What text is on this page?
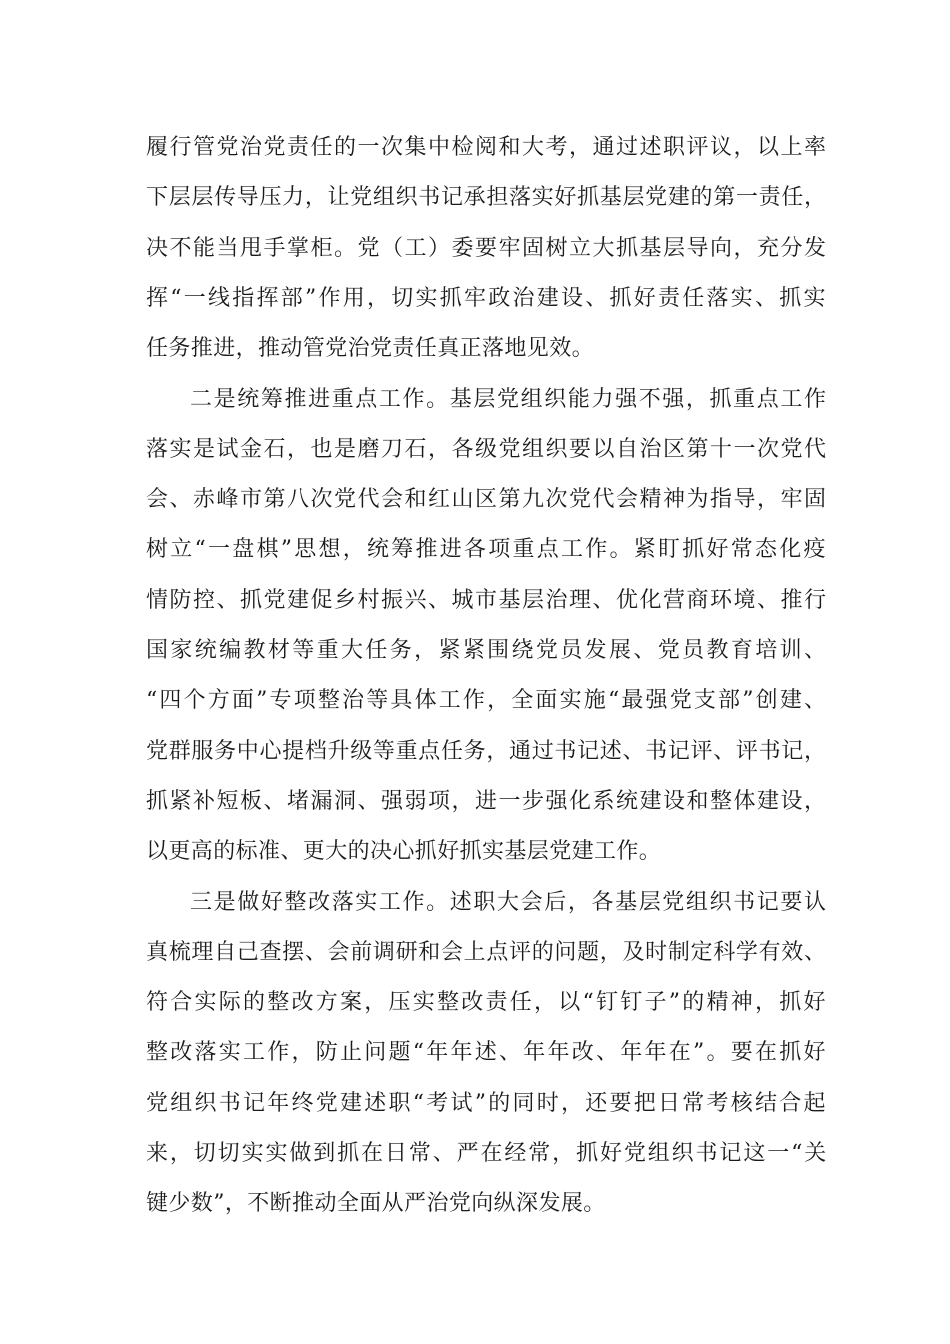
履行管党治党责任的一次集中检阅和大考，通过述职评议，以上率
下层层传导压力，让党组织书记承担落实好抓基层党建的第一责任，
决不能当甩手掌柜。党（工）委要牢固树立大抓基层导向，充分发
挥“一线指挥部”作用，切实抓牢政治建设、抓好责任落实、抓实
任务推进，推动管党治党责任真正落地见效。
二是统筹推进重点工作。基层党组织能力强不强，抓重点工作
落实是试金石，也是磨刀石，各级党组织要以自治区第十一次党代
会、赤峰市第八次党代会和红山区第九次党代会精神为指导，牢固
树立“一盘棋”思想，统筹推进各项重点工作。紧盯抓好常态化疫
情防控、抓党建促乡村振兴、城市基层治理、优化营商环境、推行
国家统编教材等重大任务，紧紧围绕党员发展、党员教育培训、
“四个方面”专项整治等具体工作，全面实施“最强党支部”创建、
党群服务中心提档升级等重点任务，通过书记述、书记评、评书记，
抓紧补短板、堵漏洞、强弱项，进一步强化系统建设和整体建设，
以更高的标准、更大的决心抓好抓实基层党建工作。
三是做好整改落实工作。述职大会后，各基层党组织书记要认
真梳理自己查摆、会前调研和会上点评的问题，及时制定科学有效、
符合实际的整改方案，压实整改责任，以“钉钉子”的精神，抓好
整改落实工作，防止问题“年年述、年年改、年年在”。要在抓好
党组织书记年终党建述职“考试”的同时，还要把日常考核结合起
来，切切实实做到抓在日常、严在经常，抓好党组织书记这一“关
键少数”，不断推动全面从严治党向纵深发展。
